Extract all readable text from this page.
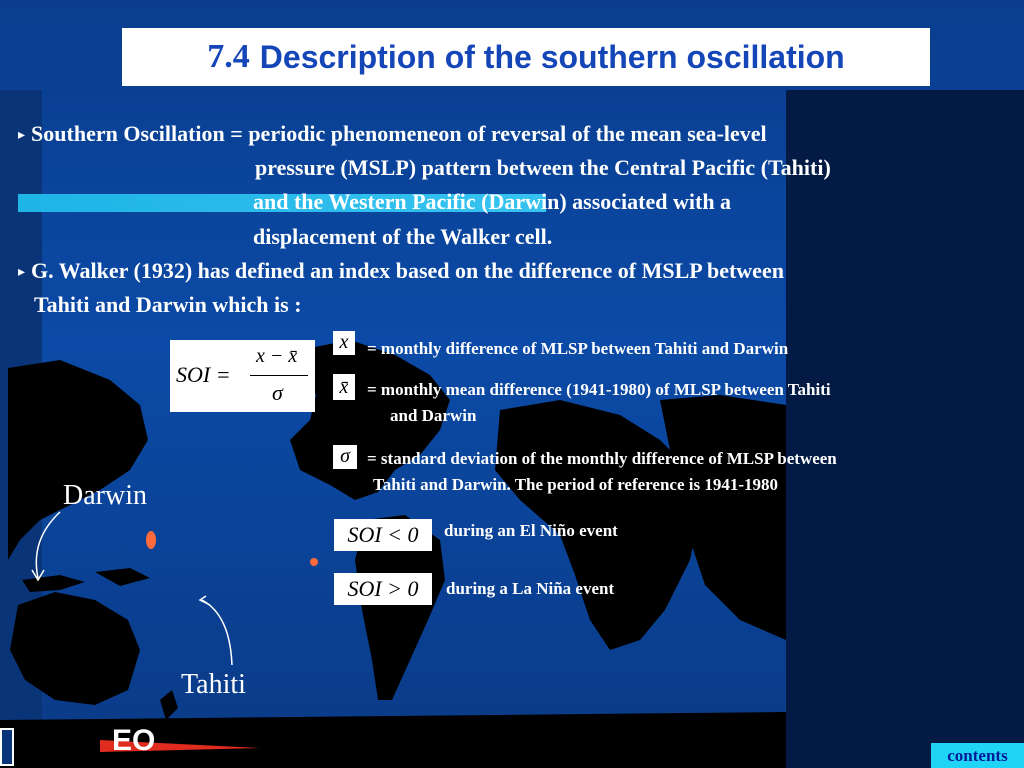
7.4 Description of the southern oscillation
▸ Southern Oscillation = periodic phenomeneon of reversal of the mean sea-level
pressure (MSLP) pattern between the Central Pacific (Tahiti)
and the Western Pacific (Darwin) associated with a
displacement of the Walker cell.
▸ G. Walker (1932) has defined an index based on the difference of MSLP between
Tahiti and Darwin which is :
SOI =
x − x̄
σ
x	= monthly difference of MLSP between Tahiti and Darwin
x̄	= monthly mean difference (1941-1980) of MLSP between Tahiti
and Darwin
σ	= standard deviation of the monthly difference of MLSP between
Tahiti and Darwin. The period of reference is 1941-1980
SOI < 0	during an El Niño event
SOI > 0	during a La Niña event
Darwin
Tahiti
EO	contents
